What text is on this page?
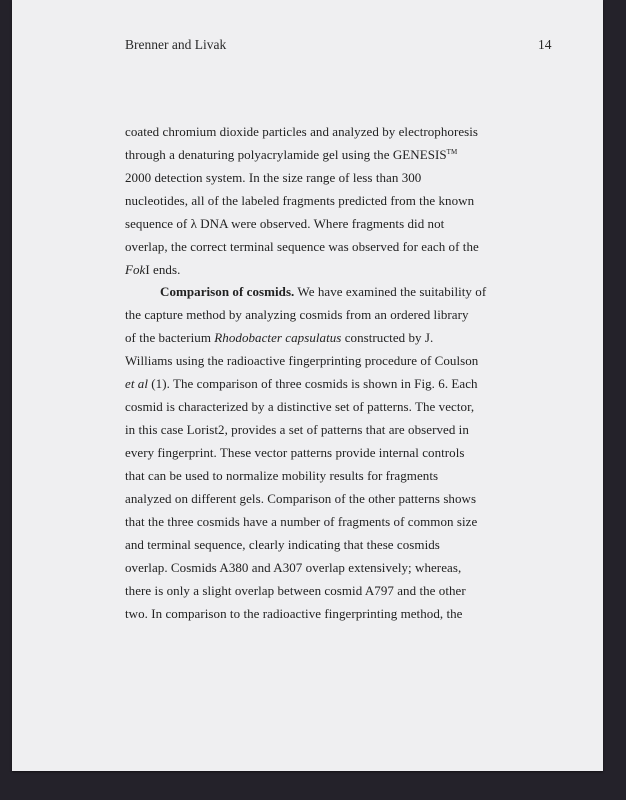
Brenner and Livak	14
coated chromium dioxide particles and analyzed by electrophoresis
through a denaturing polyacrylamide gel using the GENESIS™
2000 detection system. In the size range of less than 300
nucleotides, all of the labeled fragments predicted from the known
sequence of λ DNA were observed. Where fragments did not
overlap, the correct terminal sequence was observed for each of the
FokI ends.
Comparison of cosmids. We have examined the suitability of
the capture method by analyzing cosmids from an ordered library
of the bacterium Rhodobacter capsulatus constructed by J.
Williams using the radioactive fingerprinting procedure of Coulson
et al (1). The comparison of three cosmids is shown in Fig. 6. Each
cosmid is characterized by a distinctive set of patterns. The vector,
in this case Lorist2, provides a set of patterns that are observed in
every fingerprint. These vector patterns provide internal controls
that can be used to normalize mobility results for fragments
analyzed on different gels. Comparison of the other patterns shows
that the three cosmids have a number of fragments of common size
and terminal sequence, clearly indicating that these cosmids
overlap. Cosmids A380 and A307 overlap extensively; whereas,
there is only a slight overlap between cosmid A797 and the other
two. In comparison to the radioactive fingerprinting method, the
